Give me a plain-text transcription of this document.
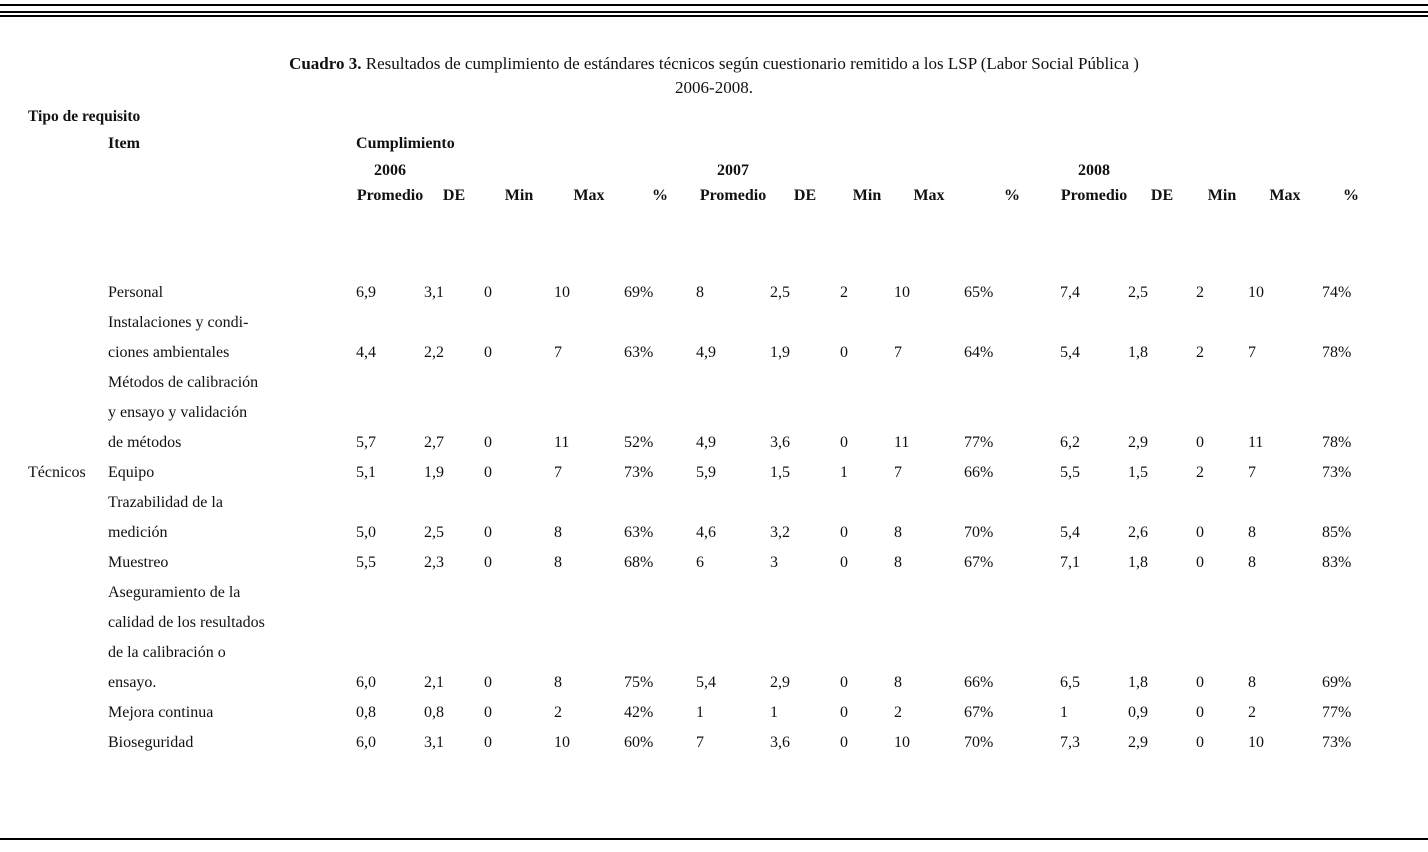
Cuadro 3. Resultados de cumplimiento de estándares técnicos según cuestionario remitido a los LSP (Labor Social Pública )
2006-2008.
Tipo de requisito																
	Item	Cumplimiento														
		2006					2007					2008				
		Promedio	DE	Min	Max	%	Promedio	DE	Min	Max	%	Promedio	DE	Min	Max	%

	Personal	6,9	3,1	0	10	69%	8	2,5	2	10	65%	7,4	2,5	2	10	74%
	Instalaciones y condi-															
	ciones ambientales	4,4	2,2	0	7	63%	4,9	1,9	0	7	64%	5,4	1,8	2	7	78%
	Métodos de calibración															
	y ensayo y validación															
	de métodos	5,7	2,7	0	11	52%	4,9	3,6	0	11	77%	6,2	2,9	0	11	78%
Técnicos	Equipo	5,1	1,9	0	7	73%	5,9	1,5	1	7	66%	5,5	1,5	2	7	73%
	Trazabilidad de la															
	medición	5,0	2,5	0	8	63%	4,6	3,2	0	8	70%	5,4	2,6	0	8	85%
	Muestreo	5,5	2,3	0	8	68%	6	3	0	8	67%	7,1	1,8	0	8	83%
	Aseguramiento de la															
	calidad de los resultados															
	de la calibración o															
	ensayo.	6,0	2,1	0	8	75%	5,4	2,9	0	8	66%	6,5	1,8	0	8	69%
	Mejora continua	0,8	0,8	0	2	42%	1	1	0	2	67%	1	0,9	0	2	77%
	Bioseguridad	6,0	3,1	0	10	60%	7	3,6	0	10	70%	7,3	2,9	0	10	73%
